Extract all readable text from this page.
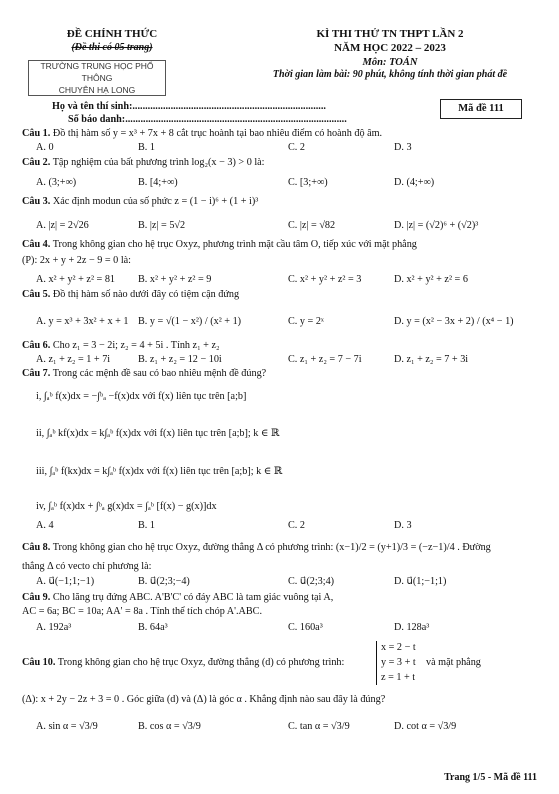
ĐỀ CHÍNH THỨC
(Đề thi có 05 trang)
TRƯỜNG TRUNG HỌC PHỔ THÔNG
CHUYÊN HẠ LONG
KÌ THI THỬ TN THPT LẦN 2
NĂM HỌC 2022 – 2023
Môn: TOÁN
Thời gian làm bài: 90 phút, không tính thời gian phát đề
Họ và tên thí sinh:............................................................................
Số báo danh:.......................................................................................
Mã đề 111
Câu 1. Đồ thị hàm số y = x³ + 7x + 8 cắt trục hoành tại bao nhiêu điểm có hoành độ âm.
A. 0	B. 1	C. 2	D. 3
Câu 2. Tập nghiệm của bất phương trình log₂(x − 3) > 0 là:
A. (3;+∞)	B. [4;+∞)	C. [3;+∞)	D. (4;+∞)
Câu 3. Xác định modun của số phức z = (1 − i)⁶ + (1 + i)³
A. |z| = 2√26	B. |z| = 5√2	C. |z| = √82	D. |z| = (√2)⁶ + (√2)³
Câu 4. Trong không gian cho hệ trục Oxyz, phương trình mặt cầu tâm O, tiếp xúc với mặt phẳng
(P): 2x + y + 2z − 9 = 0 là:
A. x² + y² + z² = 81 B. x² + y² + z² = 9	C. x² + y² + z² = 3	D. x² + y² + z² = 6
Câu 5. Đồ thị hàm số nào dưới đây có tiệm cận đứng
A. y = x³ + 3x² + x + 1 B. y = √(1 − x²) / (x² + 1)	C. y = 2ˣ	D. y = (x² − 3x + 2) / (x⁴ − 1)
Câu 6. Cho z₁ = 3 − 2i; z₂ = 4 + 5i . Tính z₁ + z₂
A. z₁ + z₂ = 1 + 7i	B. z₁ + z₂ = 12 − 10i	C. z₁ + z₂ = 7 − 7i	D. z₁ + z₂ = 7 + 3i
Câu 7. Trong các mệnh đề sau có bao nhiêu mệnh đề đúng?
i, ∫ₐᵇ f(x)dx = −∫ᵇₐ −f(x)dx với f(x) liên tục trên [a;b]
ii, ∫ₐᵇ kf(x)dx = k∫ₐᵇ f(x)dx với f(x) liên tục trên [a;b]; k ∈ ℝ
iii, ∫ₐᵇ f(kx)dx = k∫ₐᵇ f(x)dx với f(x) liên tục trên [a;b]; k ∈ ℝ
iv, ∫ₐᵇ f(x)dx + ∫ᵇₐ g(x)dx = ∫ₐᵇ [f(x) − g(x)]dx
A. 4	B. 1	C. 2	D. 3
Câu 8. Trong không gian cho hệ trục Oxyz, đường thẳng Δ có phương trình: (x−1)/2 = (y+1)/3 = (−z−1)/4 . Đường
thẳng Δ có vecto chỉ phương là:
A. u⃗(−1;1;−1)	B. u⃗(2;3;−4)	C. u⃗(2;3;4)	D. u⃗(1;−1;1)
Câu 9. Cho lăng trụ đứng ABC. A'B'C' có đáy ABC là tam giác vuông tại A,
AC = 6a; BC = 10a; AA' = 8a . Tính thể tích chóp A'.ABC.
A. 192a³	B. 64a³	C. 160a³	D. 128a³
Câu 10. Trong không gian cho hệ trục Oxyz, đường thẳng (d) có phương trình:
x = 2 − t
y = 3 + t
z = 1 + t
và mặt phẳng
(Δ): x + 2y − 2z + 3 = 0 . Góc giữa (d) và (Δ) là góc α . Khẳng định nào sau đây là đúng?
A. sin α = √3/9	B. cos α = √3/9	C. tan α = √3/9	D. cot α = √3/9
Trang 1/5 - Mã đề 111
